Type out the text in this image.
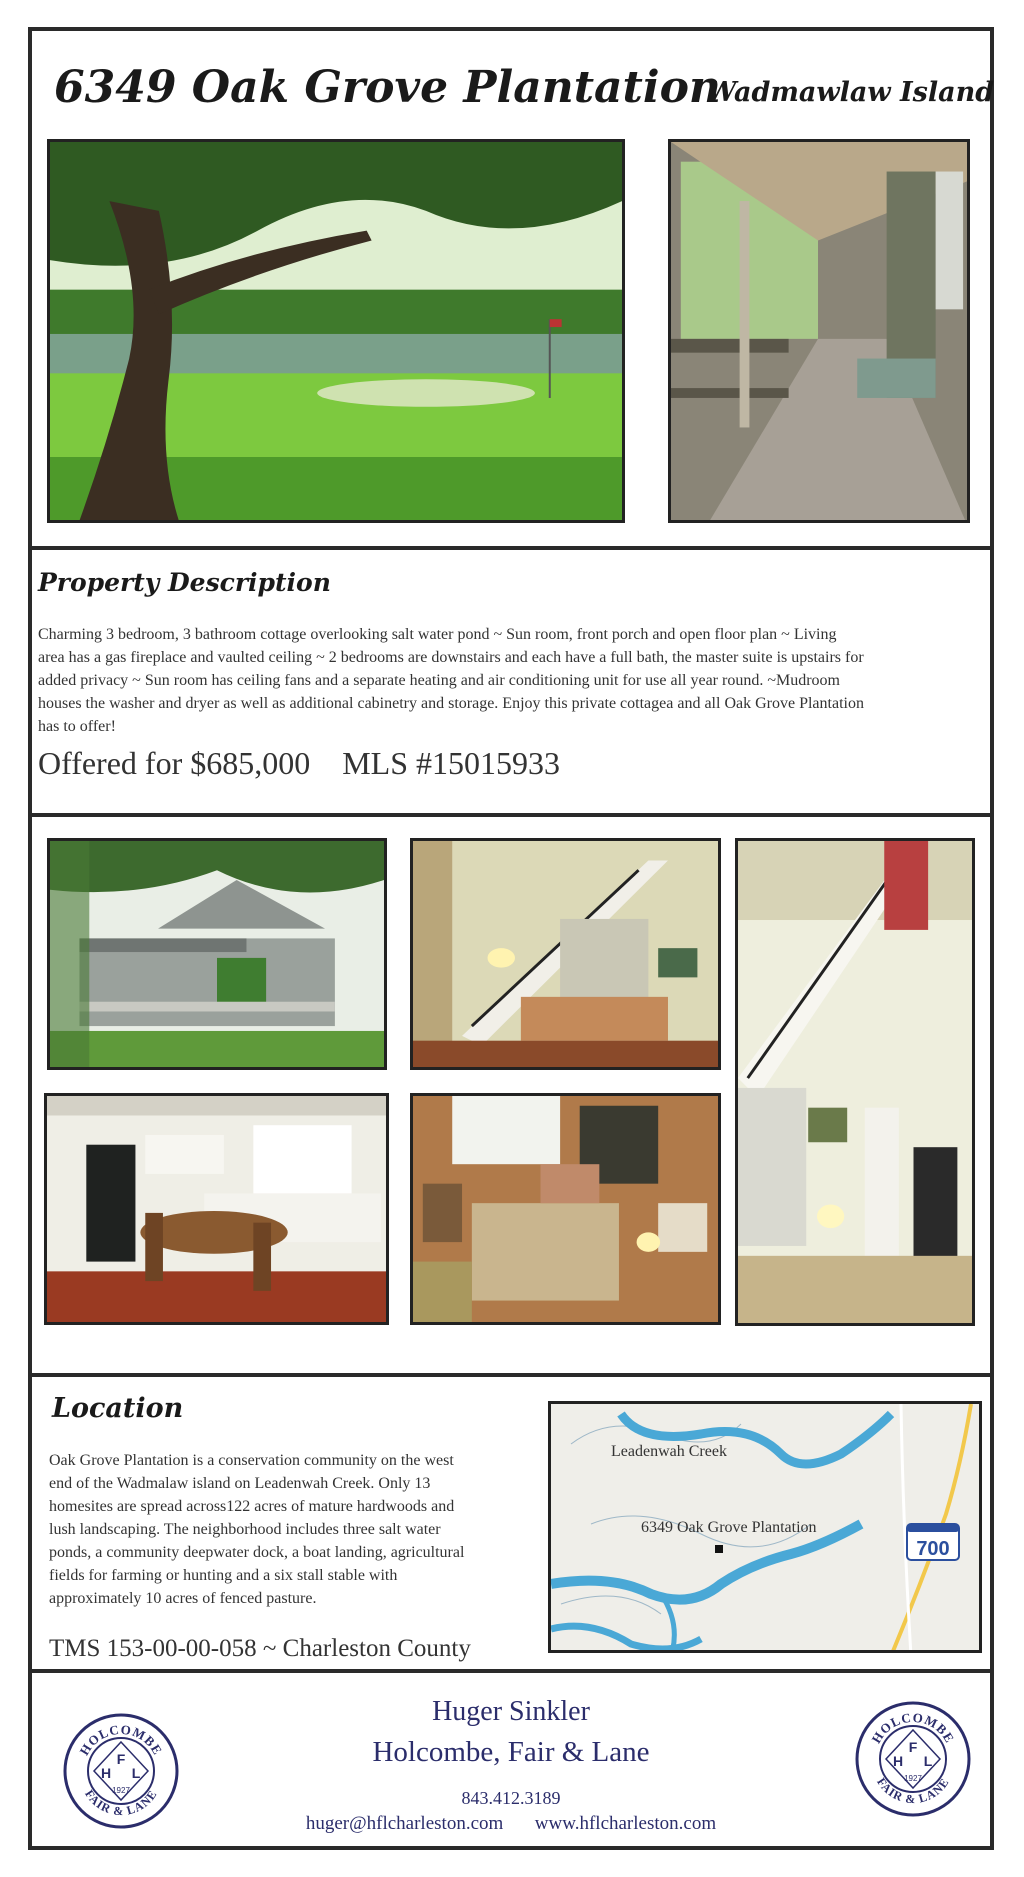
6349 Oak Grove Plantation
Wadmawlaw Island
Property Description
Charming 3 bedroom, 3 bathroom cottage overlooking salt water pond ~ Sun room, front porch and open floor plan ~ Living
area has a gas fireplace and vaulted ceiling ~ 2 bedrooms are downstairs and each have a full bath, the master suite is upstairs for
added privacy ~ Sun room has ceiling fans and a separate heating and air conditioning unit for use all year round. ~Mudroom
houses the washer and dryer as well as additional cabinetry and storage. Enjoy this private cottagea and all Oak Grove Plantation
has to offer!
Offered for $685,000    MLS #15015933
Location
Oak Grove Plantation is a conservation community on the west
end of the Wadmalaw island on Leadenwah Creek. Only 13
homesites are spread across122 acres of mature hardwoods and
lush landscaping. The neighborhood includes three salt water
ponds, a community deepwater dock, a boat landing, agricultural
fields for farming or hunting and a six stall stable with
approximately 10 acres of fenced pasture.
TMS 153-00-00-058 ~ Charleston County
Leadenwah Creek
6349 Oak Grove Plantation
700
Huger Sinkler
Holcombe, Fair & Lane
843.412.3189
huger@hflcharleston.com www.hflcharleston.com
HOLCOMBE
FAIR & LANE
F
H L
1927
HOLCOMBE
FAIR & LANE
F
H L
1927
